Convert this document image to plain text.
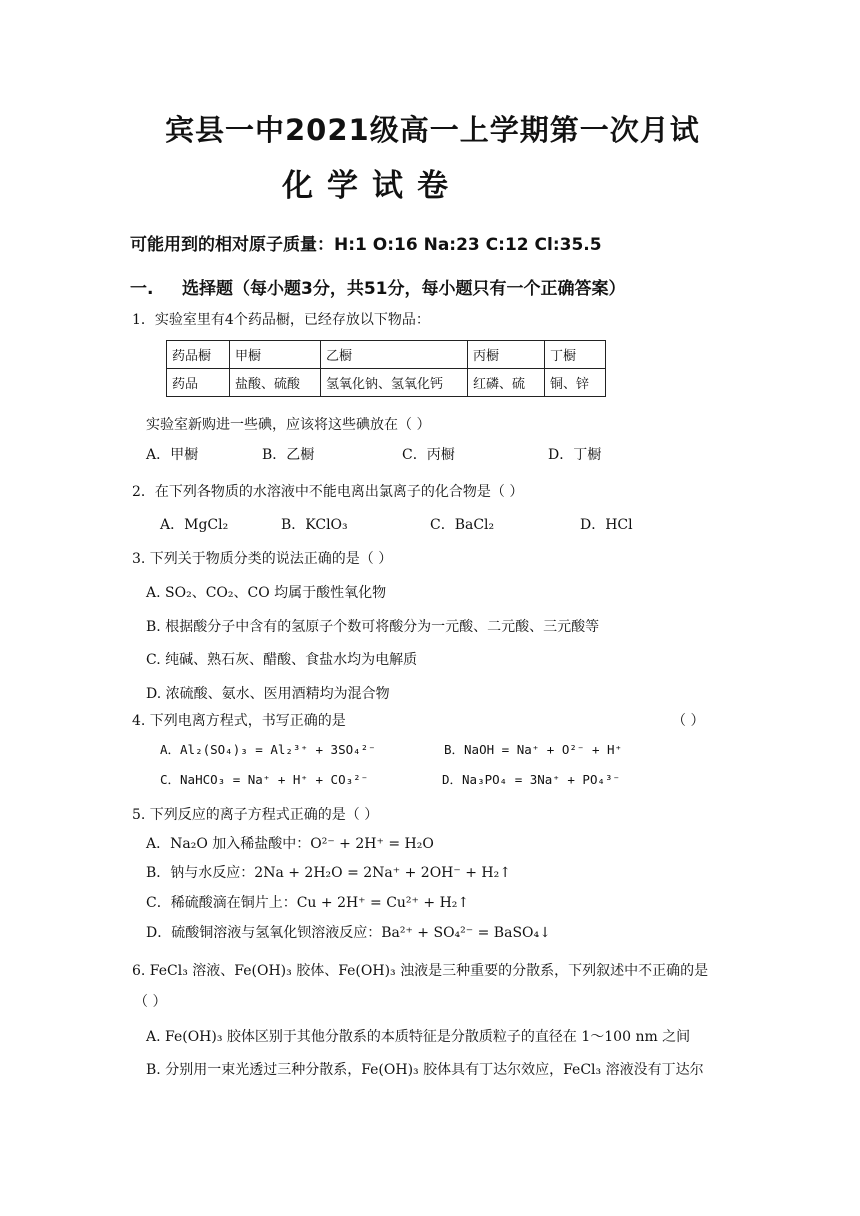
宾县一中2021级高一上学期第一次月试
化学试卷
可能用到的相对原子质量：H:1 O:16 Na:23 C:12 Cl:35.5
一. 选择题（每小题3分，共51分，每小题只有一个正确答案）
1．实验室里有4个药品橱，已经存放以下物品：
药品橱	甲橱	乙橱	丙橱	丁橱
药品	盐酸、硫酸	氢氧化钠、氢氧化钙	红磷、硫	铜、锌
实验室新购进一些碘，应该将这些碘放在（ ）
A．甲橱	B．乙橱	C．丙橱	D．丁橱
2．在下列各物质的水溶液中不能电离出氯离子的化合物是（ ）
A．MgCl₂	B．KClO₃	C．BaCl₂	D．HCl
3. 下列关于物质分类的说法正确的是（ ）
A. SO₂、CO₂、CO 均属于酸性氧化物
B. 根据酸分子中含有的氢原子个数可将酸分为一元酸、二元酸、三元酸等
C. 纯碱、熟石灰、醋酸、食盐水均为电解质
D. 浓硫酸、氨水、医用酒精均为混合物
4. 下列电离方程式，书写正确的是	（ ）
A．Al₂(SO₄)₃ = Al₂³⁺ + 3SO₄²⁻	B．NaOH = Na⁺ + O²⁻ + H⁺
C．NaHCO₃ = Na⁺ + H⁺ + CO₃²⁻	D．Na₃PO₄ = 3Na⁺ + PO₄³⁻
5. 下列反应的离子方程式正确的是（ ）
A．Na₂O 加入稀盐酸中：O²⁻ + 2H⁺ = H₂O
B．钠与水反应：2Na + 2H₂O = 2Na⁺ + 2OH⁻ + H₂↑
C．稀硫酸滴在铜片上：Cu + 2H⁺ = Cu²⁺ + H₂↑
D．硫酸铜溶液与氢氧化钡溶液反应：Ba²⁺ + SO₄²⁻ = BaSO₄↓
6. FeCl₃ 溶液、Fe(OH)₃ 胶体、Fe(OH)₃ 浊液是三种重要的分散系，下列叙述中不正确的是
（ ）
A. Fe(OH)₃ 胶体区别于其他分散系的本质特征是分散质粒子的直径在 1～100 nm 之间
B. 分别用一束光透过三种分散系，Fe(OH)₃ 胶体具有丁达尔效应，FeCl₃ 溶液没有丁达尔
